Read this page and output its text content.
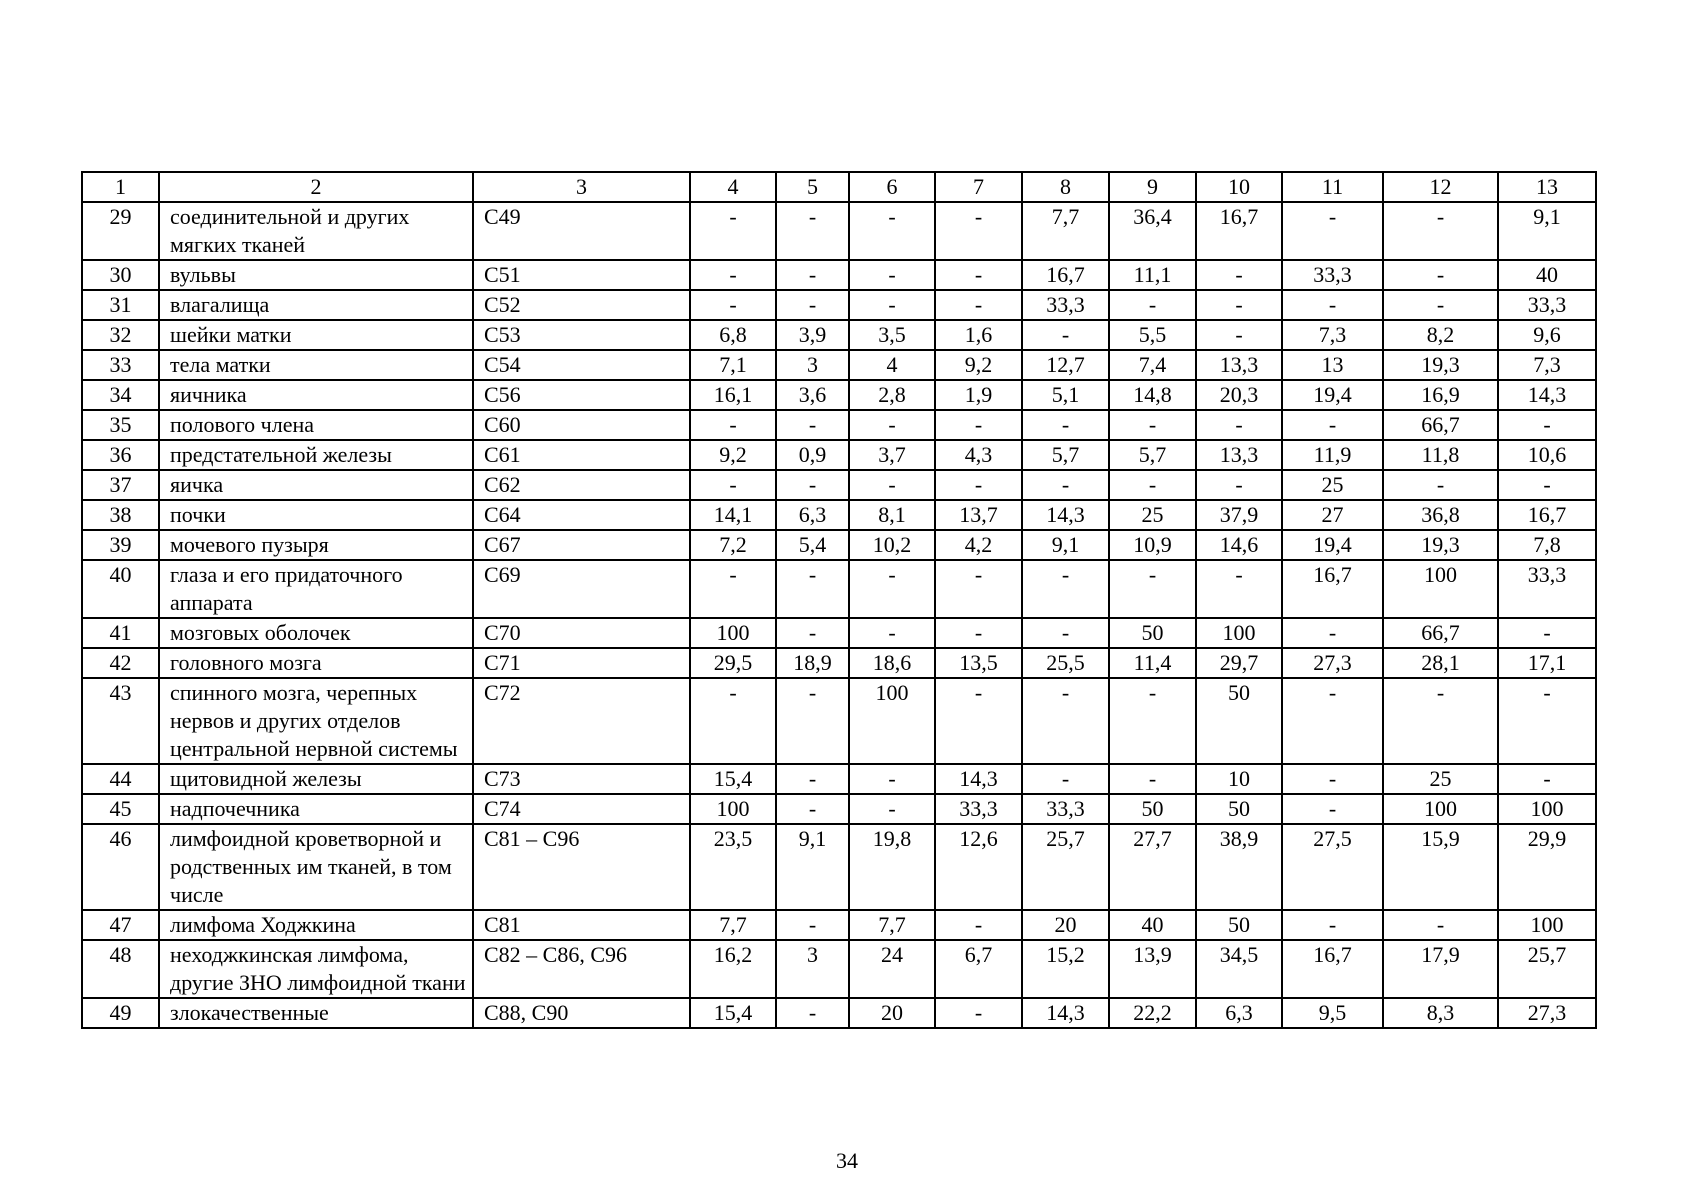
1	2	3	4	5	6	7	8	9	10	11	12	13
29	соединительной и других мягких тканей	С49	-	-	-	-	7,7	36,4	16,7	-	-	9,1
30	вульвы	С51	-	-	-	-	16,7	11,1	-	33,3	-	40
31	влагалища	С52	-	-	-	-	33,3	-	-	-	-	33,3
32	шейки матки	С53	6,8	3,9	3,5	1,6	-	5,5	-	7,3	8,2	9,6
33	тела матки	С54	7,1	3	4	9,2	12,7	7,4	13,3	13	19,3	7,3
34	яичника	С56	16,1	3,6	2,8	1,9	5,1	14,8	20,3	19,4	16,9	14,3
35	полового члена	С60	-	-	-	-	-	-	-	-	66,7	-
36	предстательной железы	С61	9,2	0,9	3,7	4,3	5,7	5,7	13,3	11,9	11,8	10,6
37	яичка	С62	-	-	-	-	-	-	-	25	-	-
38	почки	С64	14,1	6,3	8,1	13,7	14,3	25	37,9	27	36,8	16,7
39	мочевого пузыря	С67	7,2	5,4	10,2	4,2	9,1	10,9	14,6	19,4	19,3	7,8
40	глаза и его придаточного аппарата	С69	-	-	-	-	-	-	-	16,7	100	33,3
41	мозговых оболочек	С70	100	-	-	-	-	50	100	-	66,7	-
42	головного мозга	С71	29,5	18,9	18,6	13,5	25,5	11,4	29,7	27,3	28,1	17,1
43	спинного мозга, черепных нервов и других отделов центральной нервной системы	С72	-	-	100	-	-	-	50	-	-	-
44	щитовидной железы	С73	15,4	-	-	14,3	-	-	10	-	25	-
45	надпочечника	С74	100	-	-	33,3	33,3	50	50	-	100	100
46	лимфоидной кроветворной и родственных им тканей, в том числе	С81 – С96	23,5	9,1	19,8	12,6	25,7	27,7	38,9	27,5	15,9	29,9
47	лимфома Ходжкина	С81	7,7	-	7,7	-	20	40	50	-	-	100
48	неходжкинская лимфома, другие ЗНО лимфоидной ткани	С82 – С86, С96	16,2	3	24	6,7	15,2	13,9	34,5	16,7	17,9	25,7
49	злокачественные	С88, С90	15,4	-	20	-	14,3	22,2	6,3	9,5	8,3	27,3
34
